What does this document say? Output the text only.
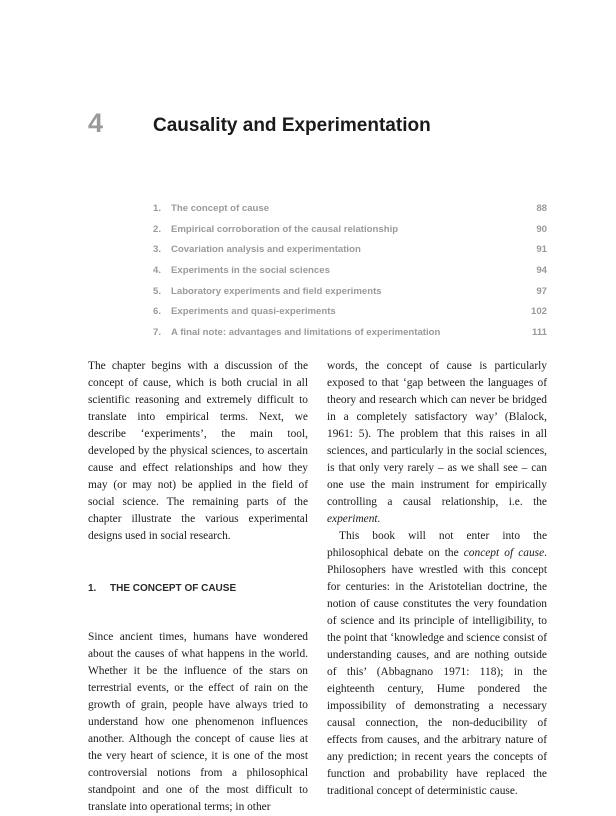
4	Causality and Experimentation
1.	The concept of cause	88
2.	Empirical corroboration of the causal relationship	90
3.	Covariation analysis and experimentation	91
4.	Experiments in the social sciences	94
5.	Laboratory experiments and field experiments	97
6.	Experiments and quasi-experiments	102
7.	A final note: advantages and limitations of experimentation	111

The chapter begins with a discussion of the concept of cause, which is both crucial in all scientific reasoning and extremely difficult to translate into empirical terms. Next, we describe ‘experiments’, the main tool, developed by the physical sciences, to ascertain cause and effect relationships and how they may (or may not) be applied in the field of social science. The remaining parts of the chapter illustrate the various experimental designs used in social research.

1. THE CONCEPT OF CAUSE

Since ancient times, humans have wondered about the causes of what happens in the world. Whether it be the influence of the stars on terrestrial events, or the effect of rain on the growth of grain, people have always tried to understand how one phenomenon influences another. Although the concept of cause lies at the very heart of science, it is one of the most controversial notions from a philosophical standpoint and one of the most difficult to translate into operational terms; in other

words, the concept of cause is particularly exposed to that ‘gap between the languages of theory and research which can never be bridged in a completely satisfactory way’ (Blalock, 1961: 5). The problem that this raises in all sciences, and particularly in the social sciences, is that only very rarely – as we shall see – can one use the main instrument for empirically controlling a causal relationship, i.e. the experiment.

This book will not enter into the philosophical debate on the concept of cause. Philosophers have wrestled with this concept for centuries: in the Aristotelian doctrine, the notion of cause constitutes the very foundation of science and its principle of intelligibility, to the point that ‘knowledge and science consist of understanding causes, and are nothing outside of this’ (Abbagnano 1971: 118); in the eighteenth century, Hume pondered the impossibility of demonstrating a necessary causal connection, the non-deducibility of effects from causes, and the arbitrary nature of any prediction; in recent years the concepts of function and probability have replaced the traditional concept of deterministic cause.
